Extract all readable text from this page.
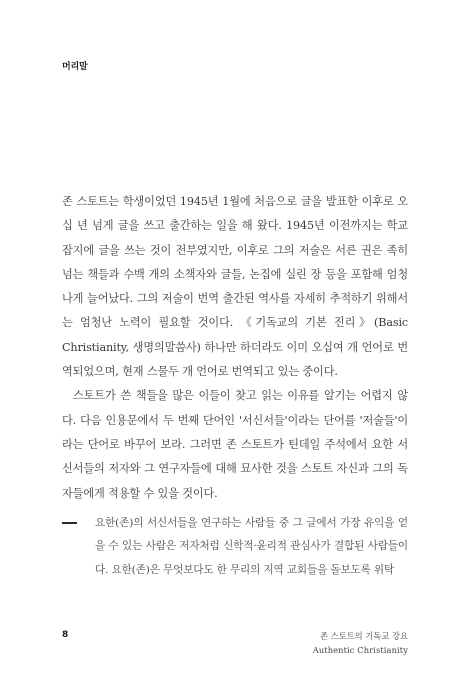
머리말

존 스토트는 학생이었던 1945년 1월에 처음으로 글을 발표한 이후로 오십 년 넘게 글을 쓰고 출간하는 일을 해 왔다. 1945년 이전까지는 학교 잡지에 글을 쓰는 것이 전부였지만, 이후로 그의 저술은 서른 권은 족히 넘는 책들과 수백 개의 소책자와 글들, 논집에 실린 장 등을 포함해 엄청나게 늘어났다. 그의 저술이 번역 출간된 역사를 자세히 추적하기 위해서는 엄청난 노력이 필요할 것이다. 《기독교의 기본 진리》(Basic Christianity, 생명의말씀사) 하나만 하더라도 이미 오십여 개 언어로 번역되었으며, 현재 스물두 개 언어로 번역되고 있는 중이다.

스토트가 쓴 책들을 많은 이들이 찾고 읽는 이유를 알기는 어렵지 않다. 다음 인용문에서 두 번째 단어인 '서신서들'이라는 단어를 '저술들'이라는 단어로 바꾸어 보라. 그러면 존 스토트가 틴데일 주석에서 요한 서신서들의 저자와 그 연구자들에 대해 묘사한 것을 스토트 자신과 그의 독자들에게 적용할 수 있을 것이다.

요한(존)의 서신서들을 연구하는 사람들 중 그 글에서 가장 유익을 얻을 수 있는 사람은 저자처럼 신학적·윤리적 관심사가 결합된 사람들이다. 요한(존)은 무엇보다도 한 무리의 지역 교회들을 돌보도록 위탁
8	존 스토트의 기독교 강요
Authentic Christianity
